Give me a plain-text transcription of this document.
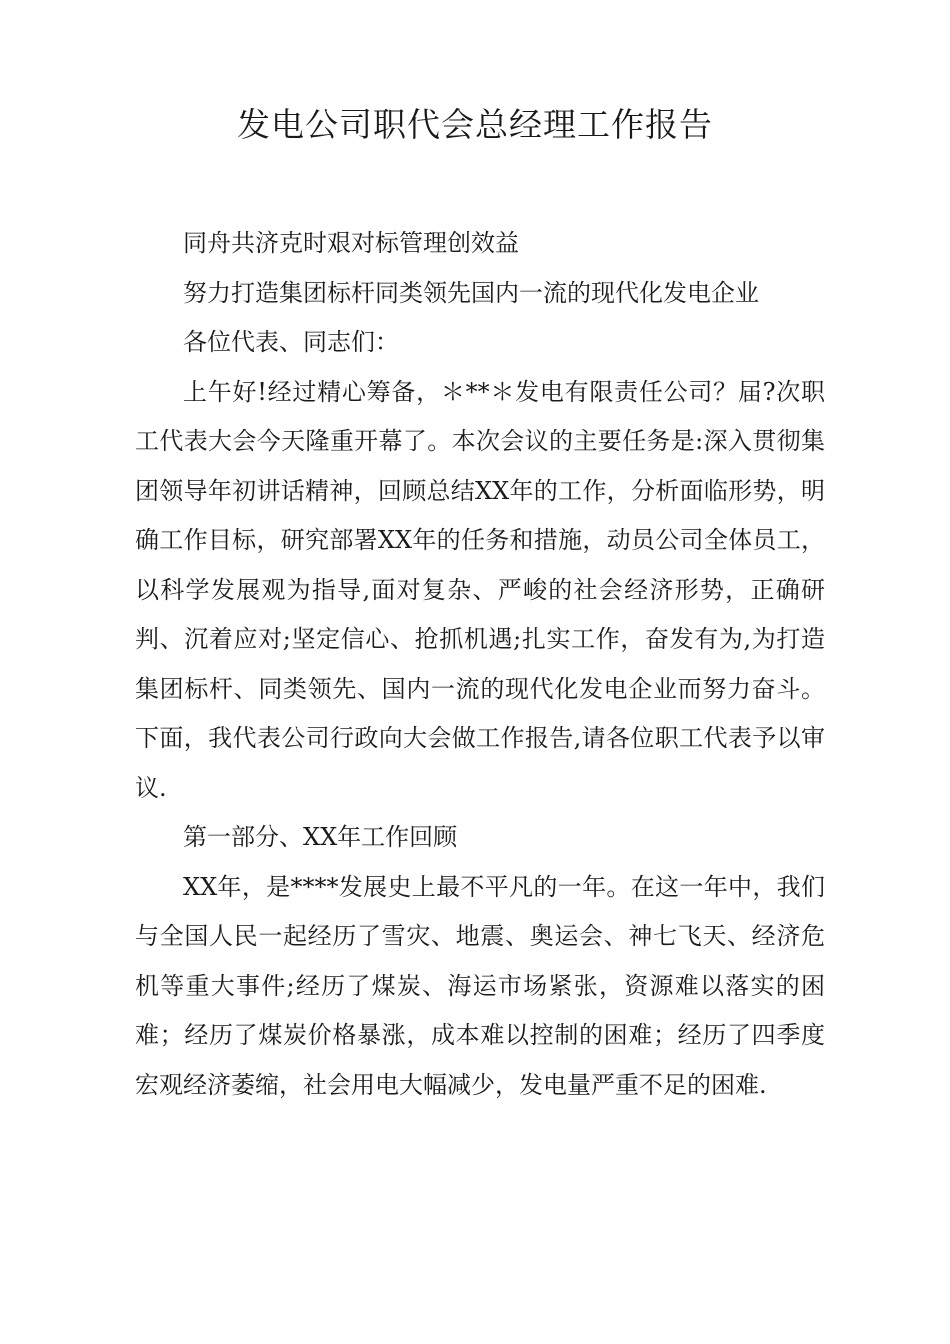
发电公司职代会总经理工作报告

同舟共济克时艰对标管理创效益

努力打造集团标杆同类领先国内一流的现代化发电企业

各位代表、同志们：

上午好!经过精心筹备，＊**＊发电有限责任公司？届?次职工代表大会今天隆重开幕了。本次会议的主要任务是:深入贯彻集团领导年初讲话精神，回顾总结XX年的工作，分析面临形势，明确工作目标，研究部署XX年的任务和措施，动员公司全体员工，以科学发展观为指导,面对复杂、严峻的社会经济形势，正确研判、沉着应对;坚定信心、抢抓机遇;扎实工作，奋发有为,为打造集团标杆、同类领先、国内一流的现代化发电企业而努力奋斗。下面，我代表公司行政向大会做工作报告,请各位职工代表予以审议.

第一部分、XX年工作回顾

XX年，是****发展史上最不平凡的一年。在这一年中，我们与全国人民一起经历了雪灾、地震、奥运会、神七飞天、经济危机等重大事件;经历了煤炭、海运市场紧张，资源难以落实的困难；经历了煤炭价格暴涨，成本难以控制的困难；经历了四季度宏观经济萎缩，社会用电大幅减少，发电量严重不足的困难.
